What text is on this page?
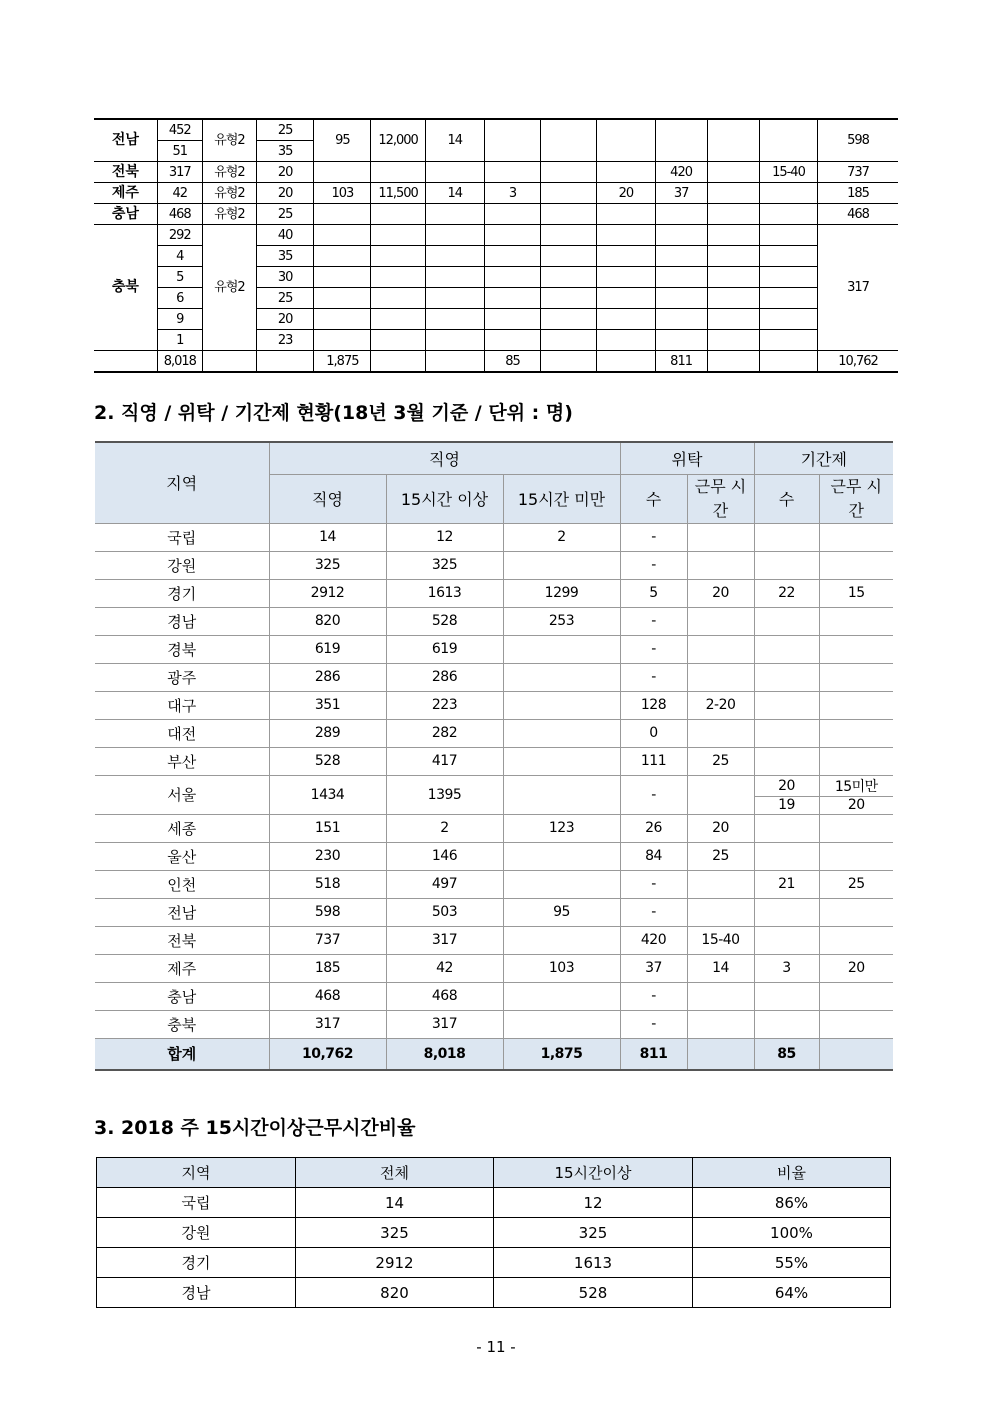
전남	452	유형2	25	95	12,000	14							598
	51		35										
전북	317	유형2	20							420		15-40	737
제주	42	유형2	20	103	11,500	14	3		20	37			185
충남	468	유형2	25										468
충북	292	유형2	40										317
	4		35										
	5		30										
	6		25										
	9		20										
	1		23										
	8,018			1,875			85			811			10,762
2. 직영 / 위탁 / 기간제 현황(18년 3월 기준 / 단위 : 명)
지역	직영			위탁		기간제	
	직영	15시간 이상	15시간 미만	수	근무 시간	수	근무 시간
국립	14	12	2	-			
강원	325	325		-			
경기	2912	1613	1299	5	20	22	15
경남	820	528	253	-			
경북	619	619		-			
광주	286	286		-			
대구	351	223		128	2-20		
대전	289	282		0			
부산	528	417		111	25		
서울	1434	1395		-		20	15미만
						19	20
세종	151	2	123	26	20		
울산	230	146		84	25		
인천	518	497		-		21	25
전남	598	503	95	-			
전북	737	317		420	15-40		
제주	185	42	103	37	14	3	20
충남	468	468		-			
충북	317	317		-			
합계	10,762	8,018	1,875	811		85	
3. 2018 주 15시간이상근무시간비율
지역	전체	15시간이상	비율
국립	14	12	86%
강원	325	325	100%
경기	2912	1613	55%
경남	820	528	64%
- 11 -
